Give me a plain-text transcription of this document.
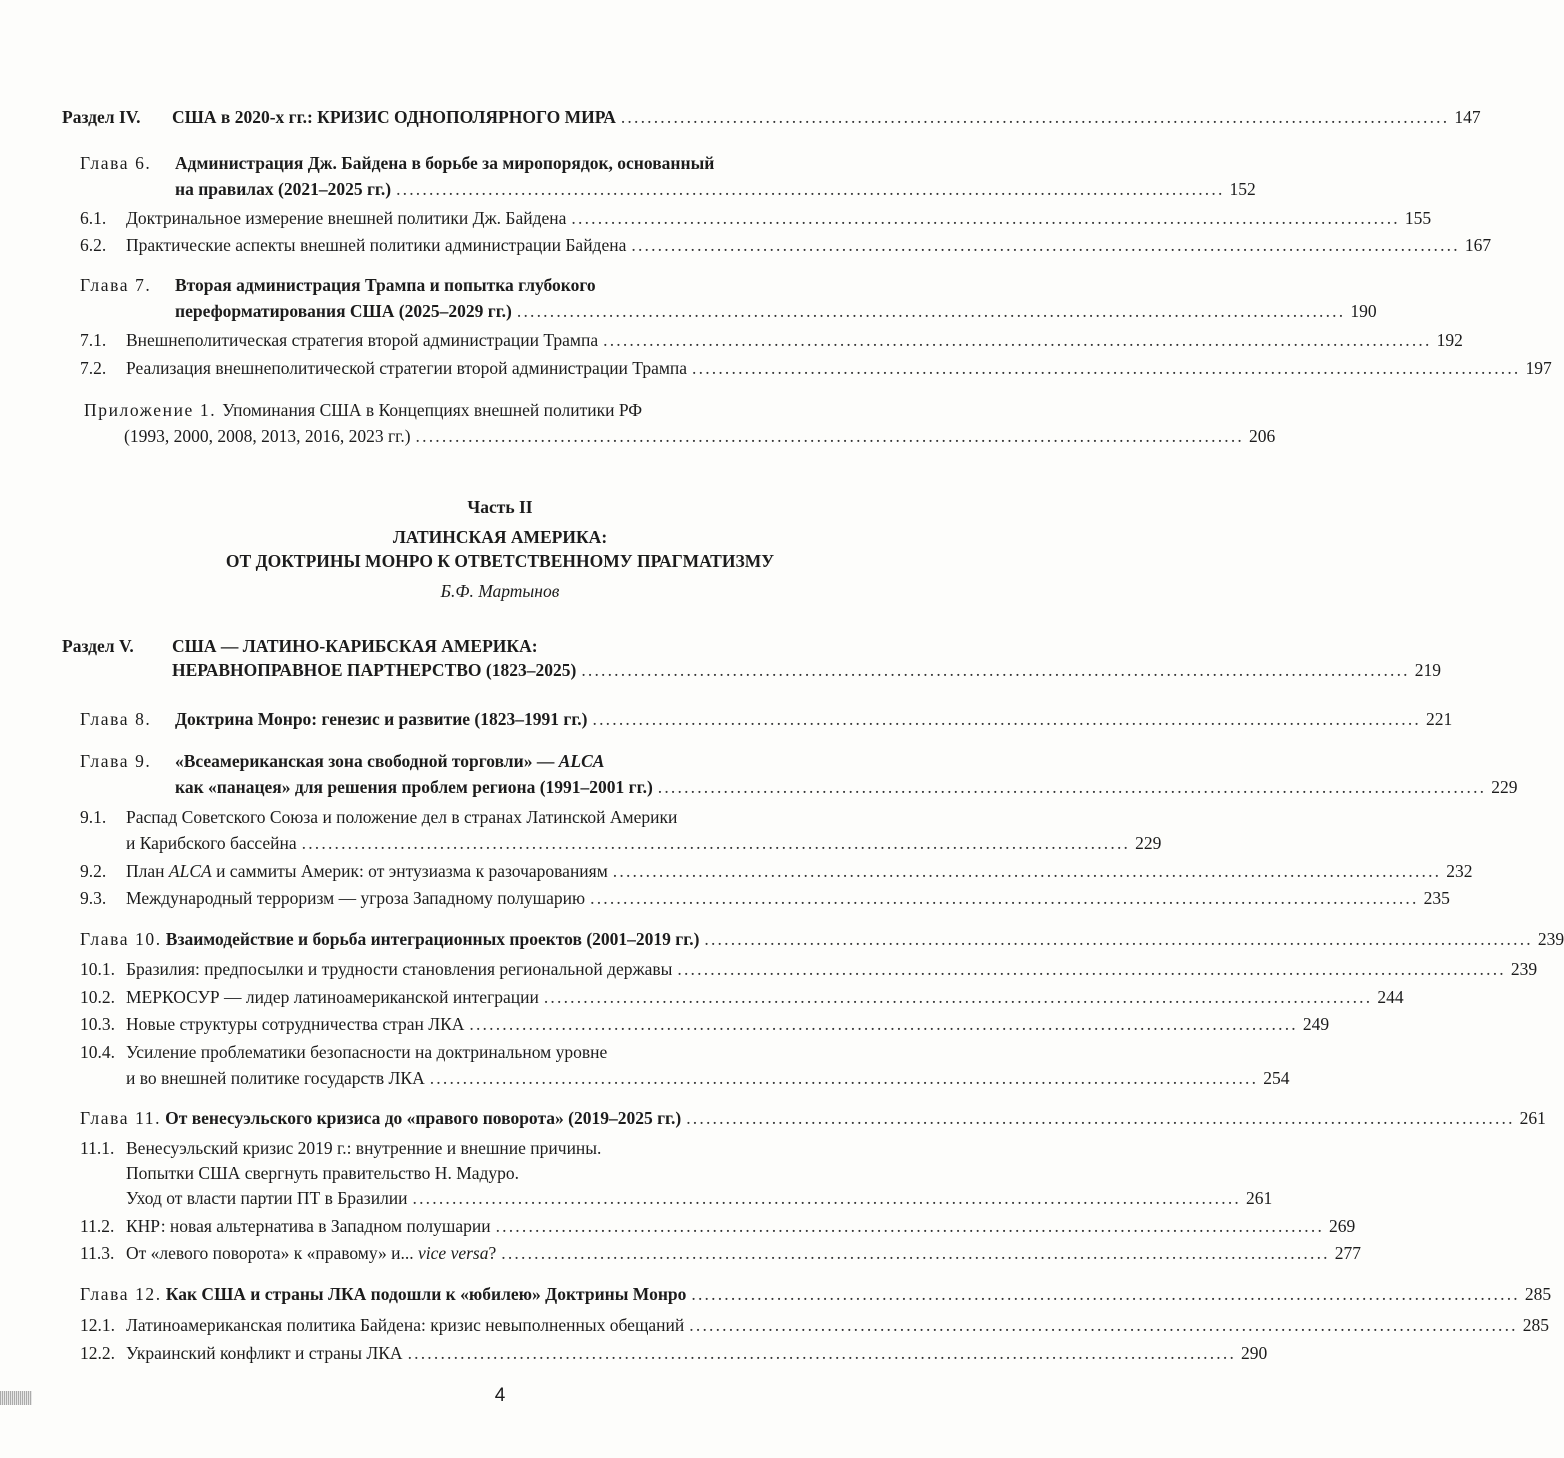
Раздел IV.	США в 2020-х гг.: КРИЗИС ОДНОПОЛЯРНОГО МИРА .............................................................................................................................. 147
Глава 6.	Администрация Дж. Байдена в борьбе за миропорядок, основанный
на правилах (2021–2025 гг.) .............................................................................................................................. 152
6.1.	Доктринальное измерение внешней политики Дж. Байдена .............................................................................................................................. 155
6.2.	Практические аспекты внешней политики администрации Байдена .............................................................................................................................. 167
Глава 7.	Вторая администрация Трампа и попытка глубокого
переформатирования США (2025–2029 гг.) .............................................................................................................................. 190
7.1.	Внешнеполитическая стратегия второй администрации Трампа .............................................................................................................................. 192
7.2.	Реализация внешнеполитической стратегии второй администрации Трампа .............................................................................................................................. 197
Приложение 1. Упоминания США в Концепциях внешней политики РФ
(1993, 2000, 2008, 2013, 2016, 2023 гг.) .............................................................................................................................. 206
Часть II
ЛАТИНСКАЯ АМЕРИКА:
ОТ ДОКТРИНЫ МОНРО К ОТВЕТСТВЕННОМУ ПРАГМАТИЗМУ
Б.Ф. Мартынов
Раздел V.	США — ЛАТИНО-КАРИБСКАЯ АМЕРИКА:
НЕРАВНОПРАВНОЕ ПАРТНЕРСТВО (1823–2025) .............................................................................................................................. 219
Глава 8.	Доктрина Монро: генезис и развитие (1823–1991 гг.) .............................................................................................................................. 221
Глава 9.	«Всеамериканская зона свободной торговли» — ALCA
как «панацея» для решения проблем региона (1991–2001 гг.) .............................................................................................................................. 229
9.1.	Распад Советского Союза и положение дел в странах Латинской Америки
и Карибского бассейна .............................................................................................................................. 229
9.2.	План ALCA и саммиты Америк: от энтузиазма к разочарованиям .............................................................................................................................. 232
9.3.	Международный терроризм — угроза Западному полушарию .............................................................................................................................. 235
Глава 10. Взаимодействие и борьба интеграционных проектов (2001–2019 гг.) .............................................................................................................................. 239
10.1. Бразилия: предпосылки и трудности становления региональной державы .............................................................................................................................. 239
10.2. МЕРКОСУР — лидер латиноамериканской интеграции .............................................................................................................................. 244
10.3. Новые структуры сотрудничества стран ЛКА .............................................................................................................................. 249
10.4. Усиление проблематики безопасности на доктринальном уровне
и во внешней политике государств ЛКА .............................................................................................................................. 254
Глава 11. От венесуэльского кризиса до «правого поворота» (2019–2025 гг.) .............................................................................................................................. 261
11.1. Венесуэльский кризис 2019 г.: внутренние и внешние причины.
Попытки США свергнуть правительство Н. Мадуро.
Уход от власти партии ПТ в Бразилии .............................................................................................................................. 261
11.2. КНР: новая альтернатива в Западном полушарии .............................................................................................................................. 269
11.3. От «левого поворота» к «правому» и... vice versa? .............................................................................................................................. 277
Глава 12. Как США и страны ЛКА подошли к «юбилею» Доктрины Монро .............................................................................................................................. 285
12.1. Латиноамериканская политика Байдена: кризис невыполненных обещаний .............................................................................................................................. 285
12.2. Украинский конфликт и страны ЛКА .............................................................................................................................. 290
4
